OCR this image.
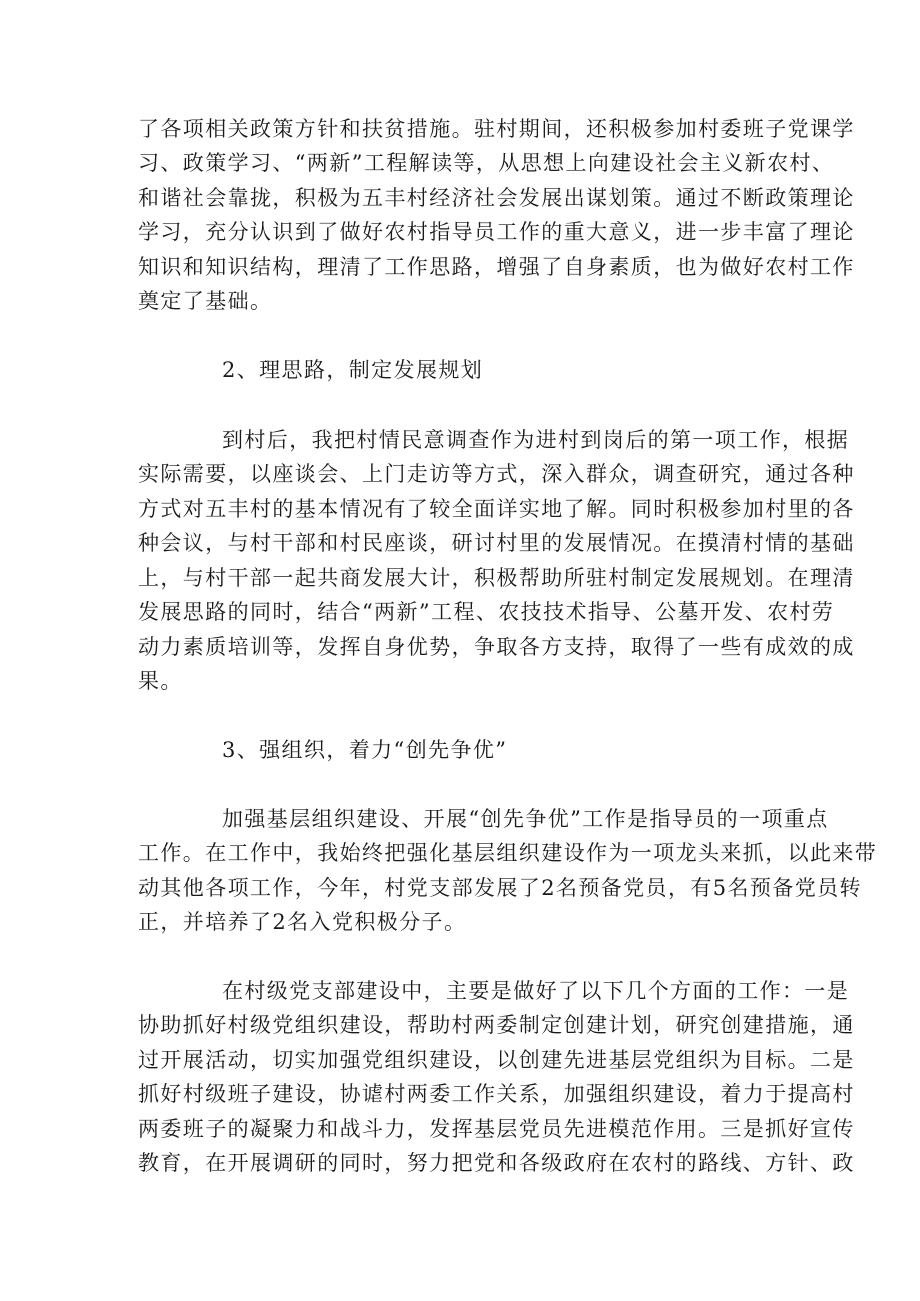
了各项相关政策方针和扶贫措施。驻村期间，还积极参加村委班子党课学
习、政策学习、“两新”工程解读等，从思想上向建设社会主义新农村、
和谐社会靠拢，积极为五丰村经济社会发展出谋划策。通过不断政策理论
学习，充分认识到了做好农村指导员工作的重大意义，进一步丰富了理论
知识和知识结构，理清了工作思路，增强了自身素质，也为做好农村工作
奠定了基础。
2、理思路，制定发展规划
到村后，我把村情民意调查作为进村到岗后的第一项工作，根据
实际需要，以座谈会、上门走访等方式，深入群众，调查研究，通过各种
方式对五丰村的基本情况有了较全面详实地了解。同时积极参加村里的各
种会议，与村干部和村民座谈，研讨村里的发展情况。在摸清村情的基础
上，与村干部一起共商发展大计，积极帮助所驻村制定发展规划。在理清
发展思路的同时，结合“两新”工程、农技技术指导、公墓开发、农村劳
动力素质培训等，发挥自身优势，争取各方支持，取得了一些有成效的成
果。
3、强组织，着力“创先争优”
加强基层组织建设、开展“创先争优”工作是指导员的一项重点
工作。在工作中，我始终把强化基层组织建设作为一项龙头来抓，以此来带
动其他各项工作，今年，村党支部发展了2名预备党员，有5名预备党员转
正，并培养了2名入党积极分子。
在村级党支部建设中，主要是做好了以下几个方面的工作：一是
协助抓好村级党组织建设，帮助村两委制定创建计划，研究创建措施，通
过开展活动，切实加强党组织建设，以创建先进基层党组织为目标。二是
抓好村级班子建设，协谑村两委工作关系，加强组织建设，着力于提高村
两委班子的凝聚力和战斗力，发挥基层党员先进模范作用。三是抓好宣传
教育，在开展调研的同时，努力把党和各级政府在农村的路线、方针、政
